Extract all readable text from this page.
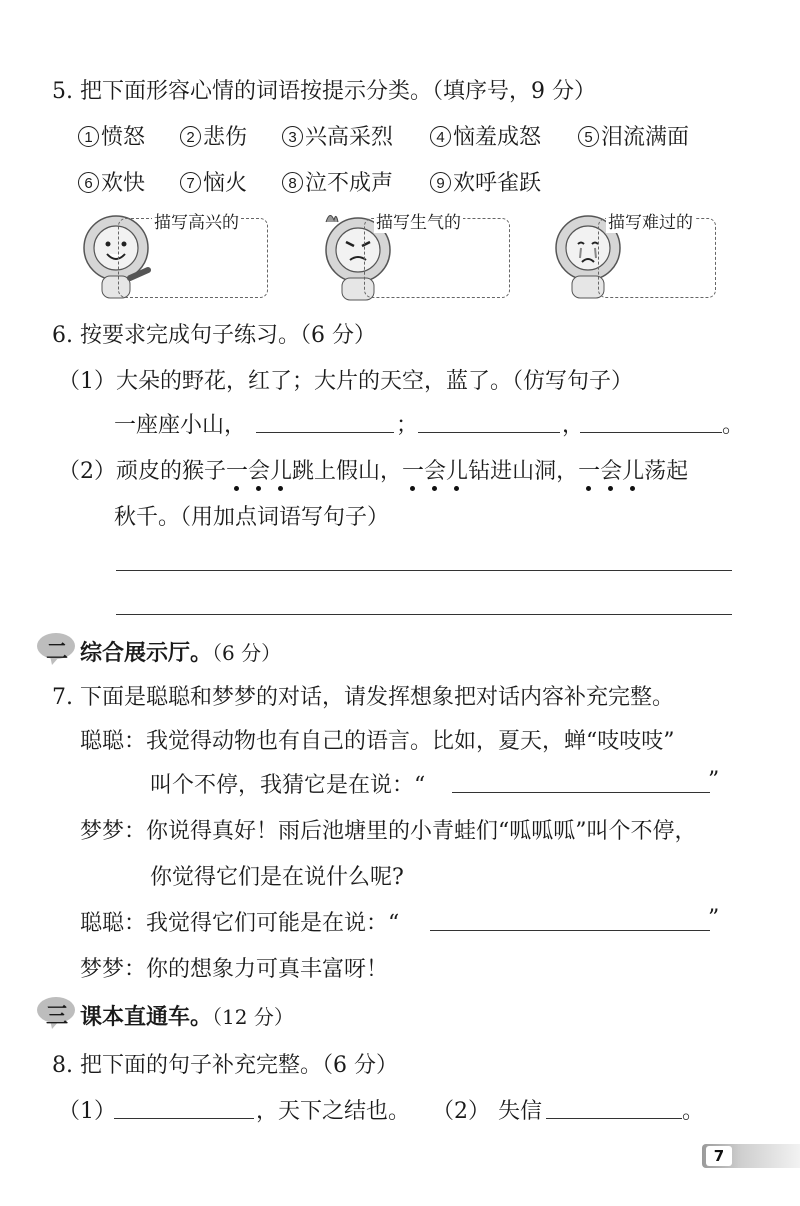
5. 把下面形容心情的词语按提示分类。（填序号，9 分）
1 愤怒	2 悲伤	3 兴高采烈	4 恼羞成怒	5 泪流满面
6 欢快	7 恼火	8 泣不成声	9 欢呼雀跃
描写高兴的	描写生气的	描写难过的
6. 按要求完成句子练习。（6 分）
（1）大朵的野花，红了；大片的天空，蓝了。（仿写句子）
一座座小山，	；	，	。
（2）顽皮的猴子一会儿
跳上假山，一会儿
钻进山洞，一会儿
荡起
秋千。（用加点词语写句子）
二 综合展示厅。（6 分）
7. 下面是聪聪和梦梦的对话，请发挥想象把对话内容补充完整。
聪聪：我觉得动物也有自己的语言。比如，夏天，蝉“吱吱吱”
叫个不停，我猜它是在说：“	”
梦梦：你说得真好！雨后池塘里的小青蛙们“呱呱呱”叫个不停，
你觉得它们是在说什么呢?
聪聪：我觉得它们可能是在说：“	”
梦梦：你的想象力可真丰富呀！
三 课本直通车。（12 分）
8. 把下面的句子补充完整。（6 分）
（1）	，天下之结也。 （2） 失信	。
7
